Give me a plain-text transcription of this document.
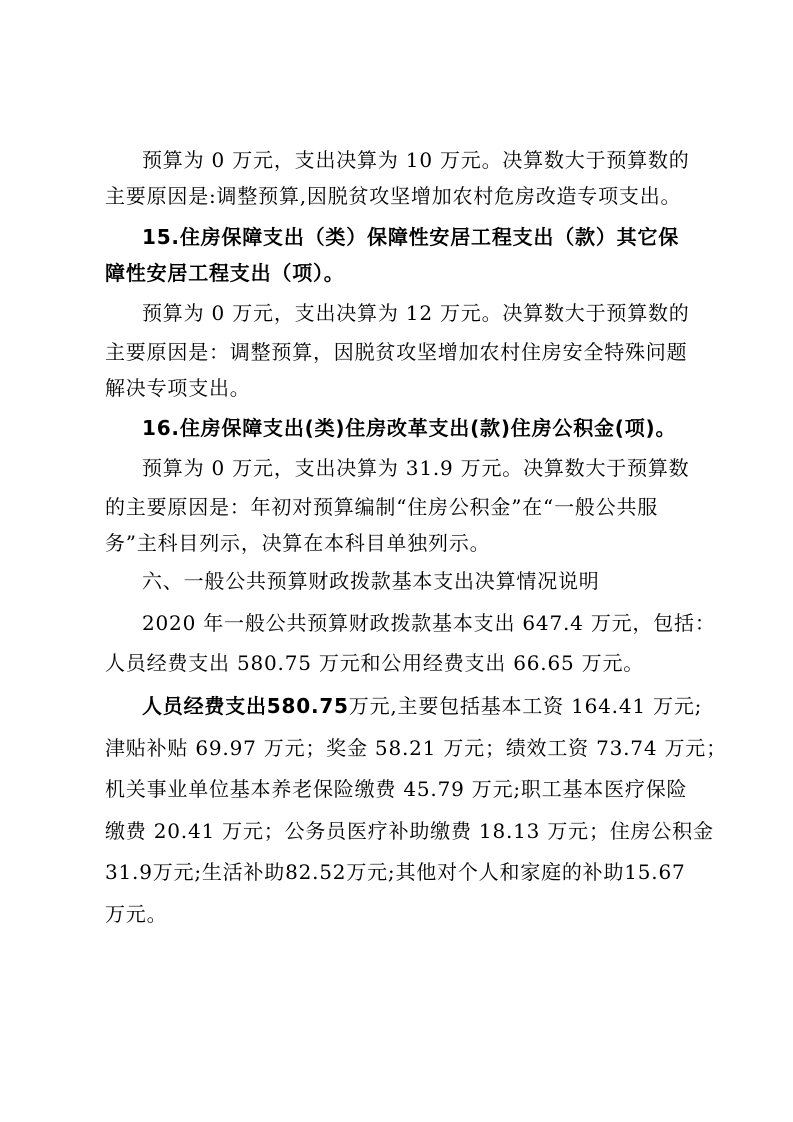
预算为 0 万元，支出决算为 10 万元。决算数大于预算数的
主要原因是:调整预算,因脱贫攻坚增加农村危房改造专项支出。
15.住房保障支出（类）保障性安居工程支出（款）其它保
障性安居工程支出（项）。
预算为 0 万元，支出决算为 12 万元。决算数大于预算数的
主要原因是：调整预算，因脱贫攻坚增加农村住房安全特殊问题
解决专项支出。
16.住房保障支出(类)住房改革支出(款)住房公积金(项)。
预算为 0 万元，支出决算为 31.9 万元。决算数大于预算数
的主要原因是：年初对预算编制“住房公积金”在“一般公共服
务”主科目列示，决算在本科目单独列示。
六、一般公共预算财政拨款基本支出决算情况说明
2020 年一般公共预算财政拨款基本支出 647.4 万元，包括：
人员经费支出 580.75 万元和公用经费支出 66.65 万元。
人员经费支出580.75万元,主要包括基本工资 164.41 万元;
津贴补贴 69.97 万元；奖金 58.21 万元；绩效工资 73.74 万元；
机关事业单位基本养老保险缴费 45.79 万元;职工基本医疗保险
缴费 20.41 万元；公务员医疗补助缴费 18.13 万元；住房公积金
31.9万元;生活补助82.52万元;其他对个人和家庭的补助15.67
万元。
